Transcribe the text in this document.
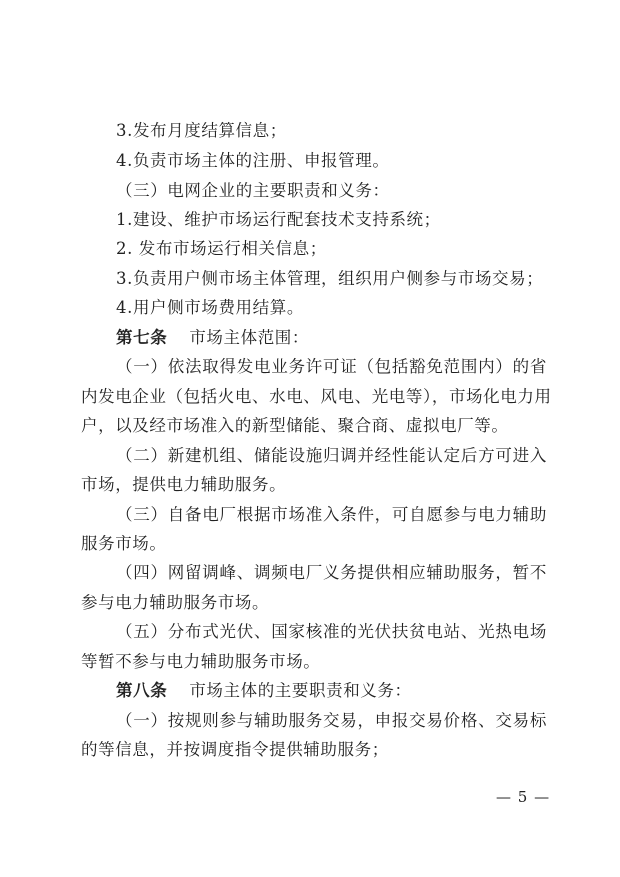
3.发布月度结算信息；
4.负责市场主体的注册、申报管理。
（三）电网企业的主要职责和义务：
1.建设、维护市场运行配套技术支持系统；
2. 发布市场运行相关信息；
3.负责用户侧市场主体管理，组织用户侧参与市场交易；
4.用户侧市场费用结算。
第七条 市场主体范围：
（一）依法取得发电业务许可证（包括豁免范围内）的省
内发电企业（包括火电、水电、风电、光电等），市场化电力用
户，以及经市场准入的新型储能、聚合商、虚拟电厂等。
（二）新建机组、储能设施归调并经性能认定后方可进入
市场，提供电力辅助服务。
（三）自备电厂根据市场准入条件，可自愿参与电力辅助
服务市场。
（四）网留调峰、调频电厂义务提供相应辅助服务，暂不
参与电力辅助服务市场。
（五）分布式光伏、国家核准的光伏扶贫电站、光热电场
等暂不参与电力辅助服务市场。
第八条 市场主体的主要职责和义务：
（一）按规则参与辅助服务交易，申报交易价格、交易标
的等信息，并按调度指令提供辅助服务；
— 5 —
